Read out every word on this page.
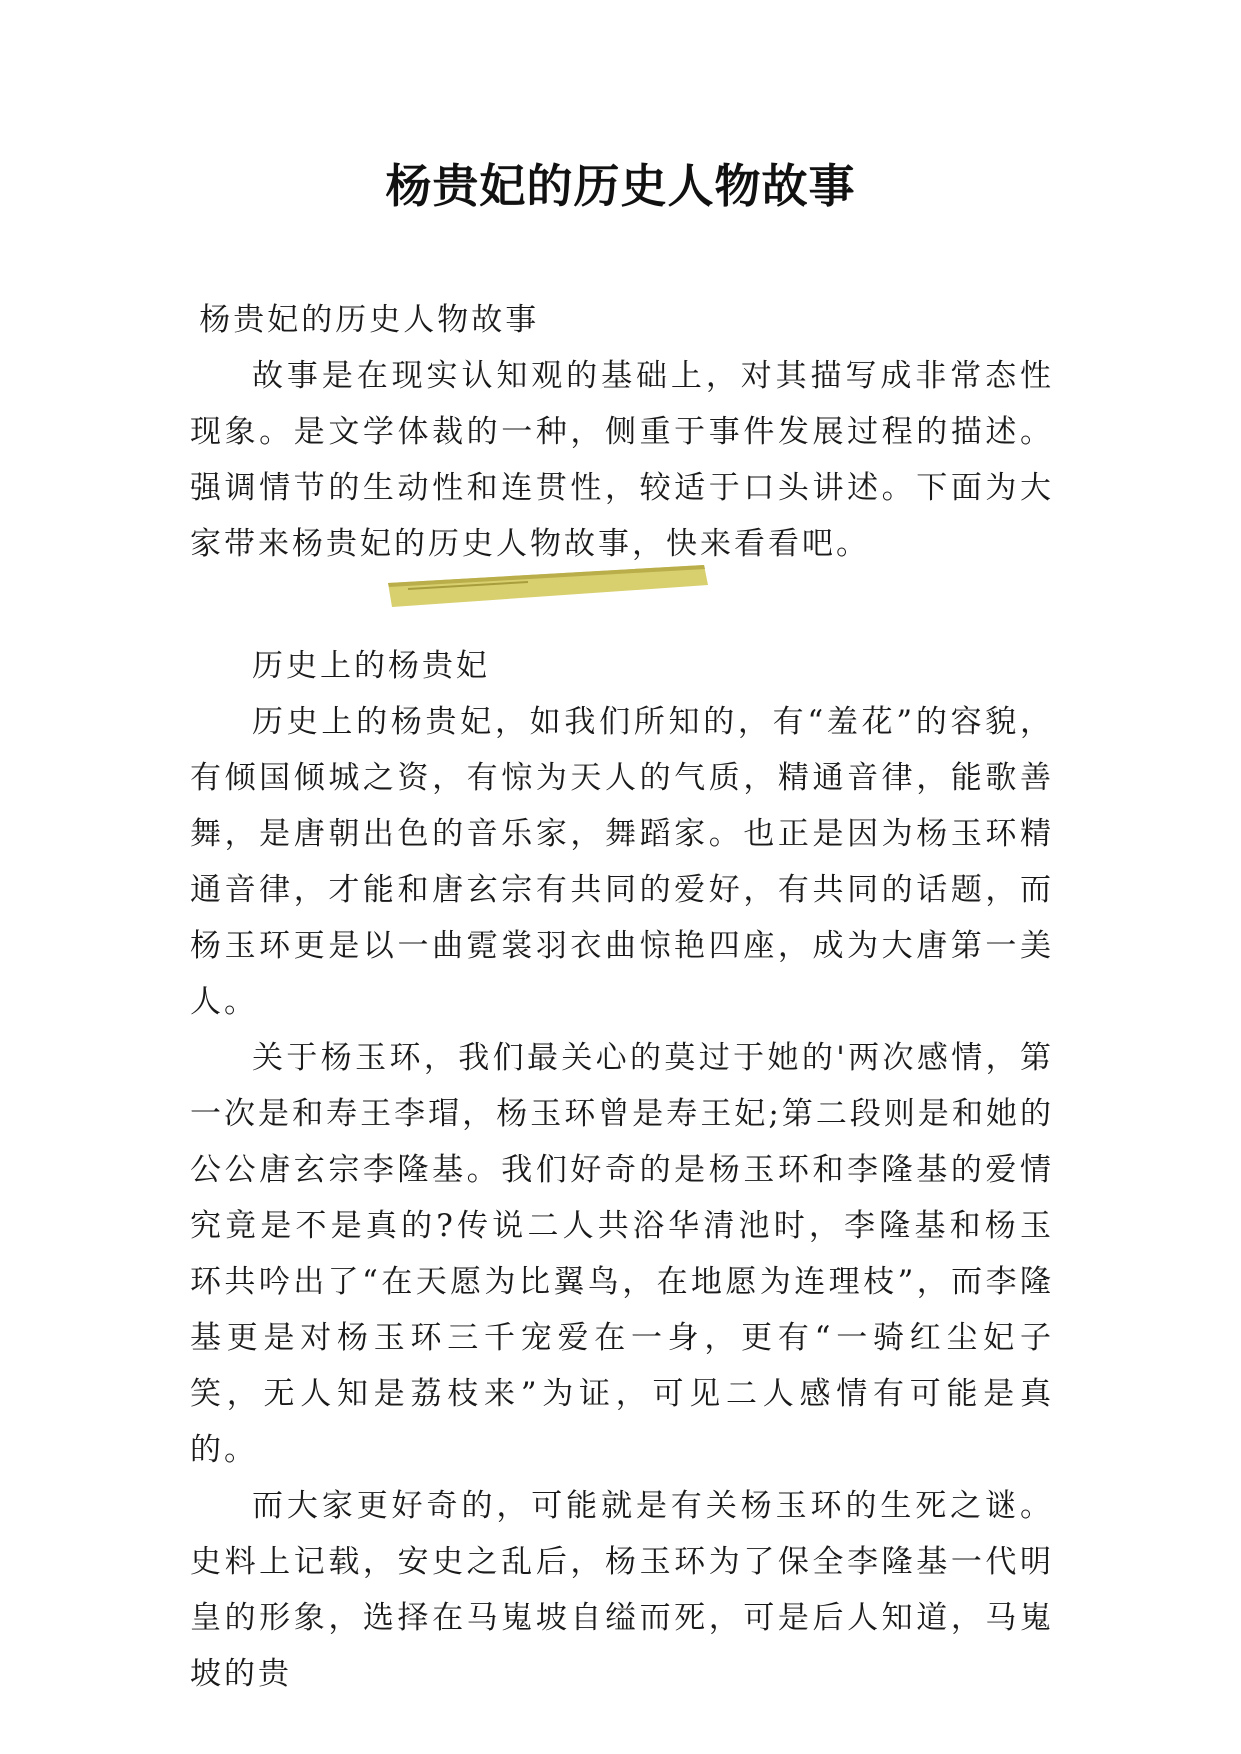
杨贵妃的历史人物故事

杨贵妃的历史人物故事

故事是在现实认知观的基础上，对其描写成非常态性现象。是文学体裁的一种，侧重于事件发展过程的描述。强调情节的生动性和连贯性，较适于口头讲述。下面为大家带来杨贵妃的历史人物故事，快来看看吧。

历史上的杨贵妃

历史上的杨贵妃，如我们所知的，有“羞花”的容貌，有倾国倾城之资，有惊为天人的气质，精通音律，能歌善舞，是唐朝出色的音乐家，舞蹈家。也正是因为杨玉环精通音律，才能和唐玄宗有共同的爱好，有共同的话题，而杨玉环更是以一曲霓裳羽衣曲惊艳四座，成为大唐第一美人。

关于杨玉环，我们最关心的莫过于她的'两次感情，第一次是和寿王李瑁，杨玉环曾是寿王妃;第二段则是和她的公公唐玄宗李隆基。我们好奇的是杨玉环和李隆基的爱情究竟是不是真的?传说二人共浴华清池时，李隆基和杨玉环共吟出了“在天愿为比翼鸟，在地愿为连理枝”，而李隆基更是对杨玉环三千宠爱在一身，更有“一骑红尘妃子笑，无人知是荔枝来”为证，可见二人感情有可能是真的。

而大家更好奇的，可能就是有关杨玉环的生死之谜。史料上记载，安史之乱后，杨玉环为了保全李隆基一代明皇的形象，选择在马嵬坡自缢而死，可是后人知道，马嵬坡的贵
